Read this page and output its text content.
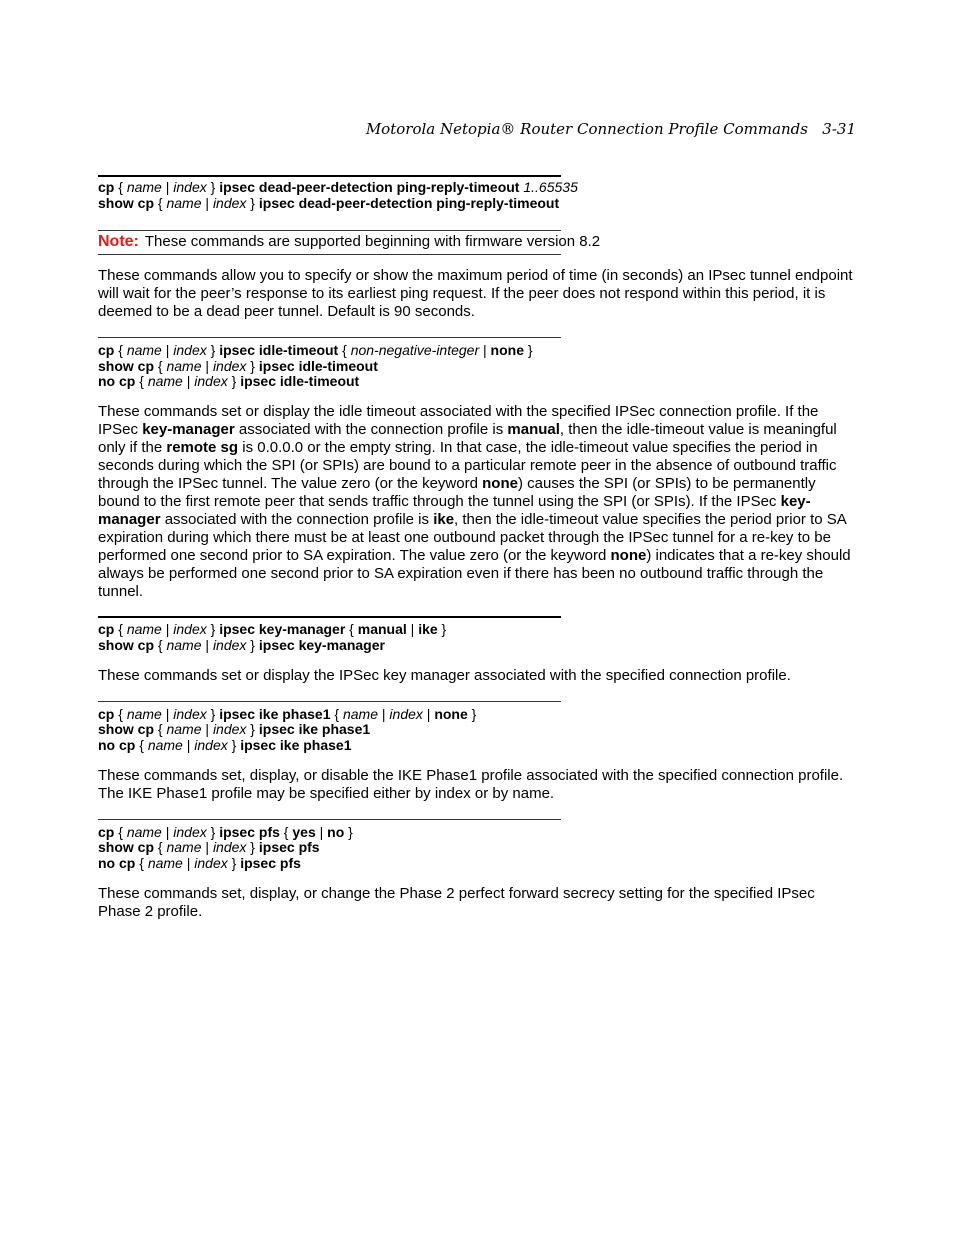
Motorola Netopia® Router Connection Profile Commands 3-31
cp { name | index } ipsec dead-peer-detection ping-reply-timeout 1..65535
show cp { name | index } ipsec dead-peer-detection ping-reply-timeout
Note: These commands are supported beginning with firmware version 8.2
These commands allow you to specify or show the maximum period of time (in seconds) an IPsec tunnel endpoint will wait for the peer’s response to its earliest ping request. If the peer does not respond within this period, it is deemed to be a dead peer tunnel. Default is 90 seconds.
cp { name | index } ipsec idle-timeout { non-negative-integer | none }
show cp { name | index } ipsec idle-timeout
no cp { name | index } ipsec idle-timeout
These commands set or display the idle timeout associated with the specified IPSec connection profile. If the IPSec key-manager associated with the connection profile is manual, then the idle-timeout value is meaningful only if the remote sg is 0.0.0.0 or the empty string. In that case, the idle-timeout value specifies the period in seconds during which the SPI (or SPIs) are bound to a particular remote peer in the absence of outbound traffic through the IPSec tunnel. The value zero (or the keyword none) causes the SPI (or SPIs) to be permanently bound to the first remote peer that sends traffic through the tunnel using the SPI (or SPIs). If the IPSec key-manager associated with the connection profile is ike, then the idle-timeout value specifies the period prior to SA expiration during which there must be at least one outbound packet through the IPSec tunnel for a re-key to be performed one second prior to SA expiration. The value zero (or the keyword none) indicates that a re-key should always be performed one second prior to SA expiration even if there has been no outbound traffic through the tunnel.
cp { name | index } ipsec key-manager { manual | ike }
show cp { name | index } ipsec key-manager
These commands set or display the IPSec key manager associated with the specified connection profile.
cp { name | index } ipsec ike phase1 { name | index | none }
show cp { name | index } ipsec ike phase1
no cp { name | index } ipsec ike phase1
These commands set, display, or disable the IKE Phase1 profile associated with the specified connection profile. The IKE Phase1 profile may be specified either by index or by name.
cp { name | index } ipsec pfs { yes | no }
show cp { name | index } ipsec pfs
no cp { name | index } ipsec pfs
These commands set, display, or change the Phase 2 perfect forward secrecy setting for the specified IPsec Phase 2 profile.
